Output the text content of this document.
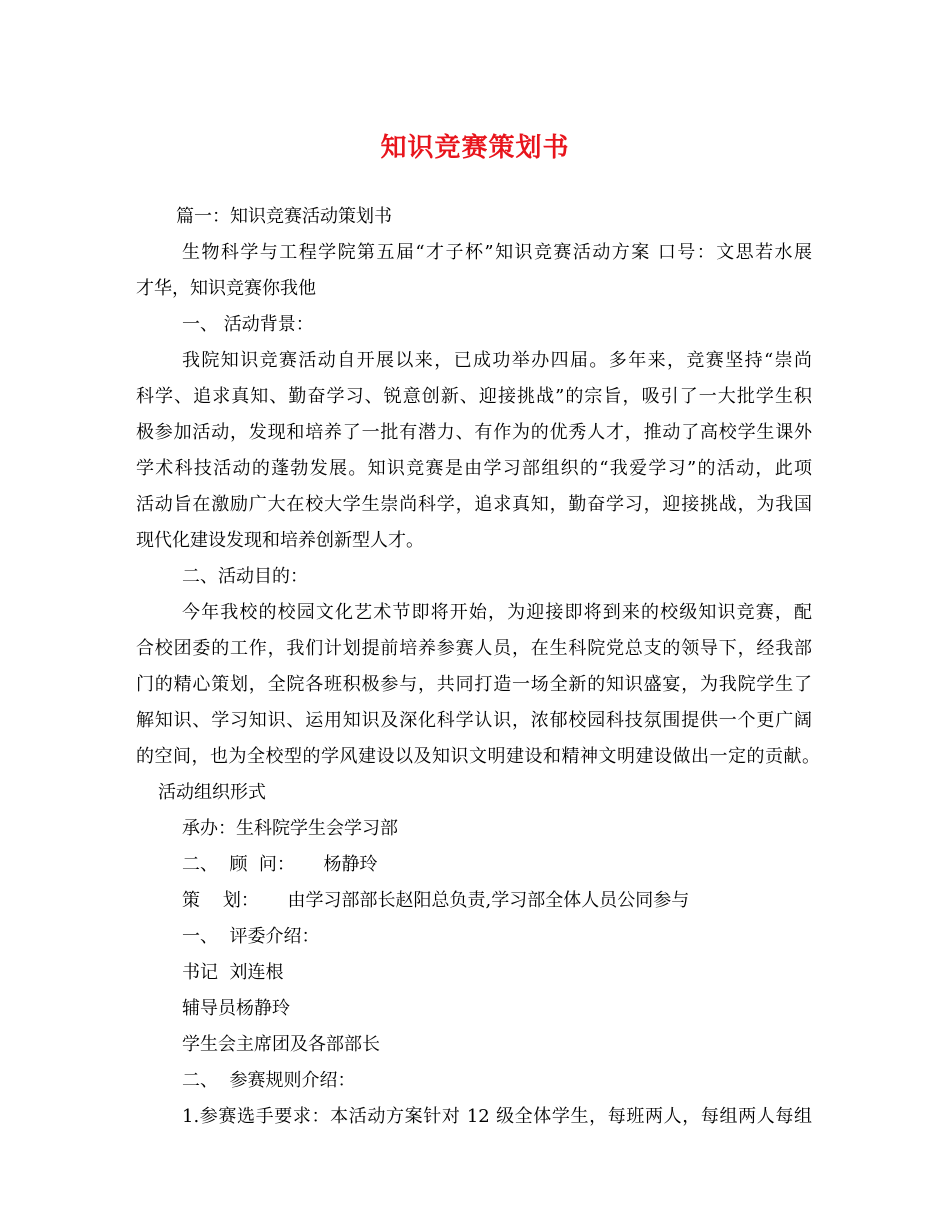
知识竞赛策划书
篇一：知识竞赛活动策划书
生物科学与工程学院第五届“才子杯”知识竞赛活动方案 口号：文思若水展
才华，知识竞赛你我他
一、 活动背景：
我院知识竞赛活动自开展以来，已成功举办四届。多年来，竞赛坚持“崇尚
科学、追求真知、勤奋学习、锐意创新、迎接挑战”的宗旨，吸引了一大批学生积
极参加活动，发现和培养了一批有潜力、有作为的优秀人才，推动了高校学生课外
学术科技活动的蓬勃发展。知识竞赛是由学习部组织的“我爱学习”的活动，此项
活动旨在激励广大在校大学生崇尚科学，追求真知，勤奋学习，迎接挑战，为我国
现代化建设发现和培养创新型人才。
二、活动目的：
今年我校的校园文化艺术节即将开始，为迎接即将到来的校级知识竞赛，配
合校团委的工作，我们计划提前培养参赛人员，在生科院党总支的领导下，经我部
门的精心策划，全院各班积极参与，共同打造一场全新的知识盛宴，为我院学生了
解知识、学习知识、运用知识及深化科学认识，浓郁校园科技氛围提供一个更广阔
的空间，也为全校型的学风建设以及知识文明建设和精神文明建设做出一定的贡献。
活动组织形式
承办：生科院学生会学习部
二、  顾  问：     杨静玲
策    划：     由学习部部长赵阳总负责,学习部全体人员公同参与
一、  评委介绍：
书记  刘连根
辅导员杨静玲
学生会主席团及各部部长
二、  参赛规则介绍：
1.参赛选手要求：本活动方案针对 12 级全体学生，每班两人，每组两人每组
